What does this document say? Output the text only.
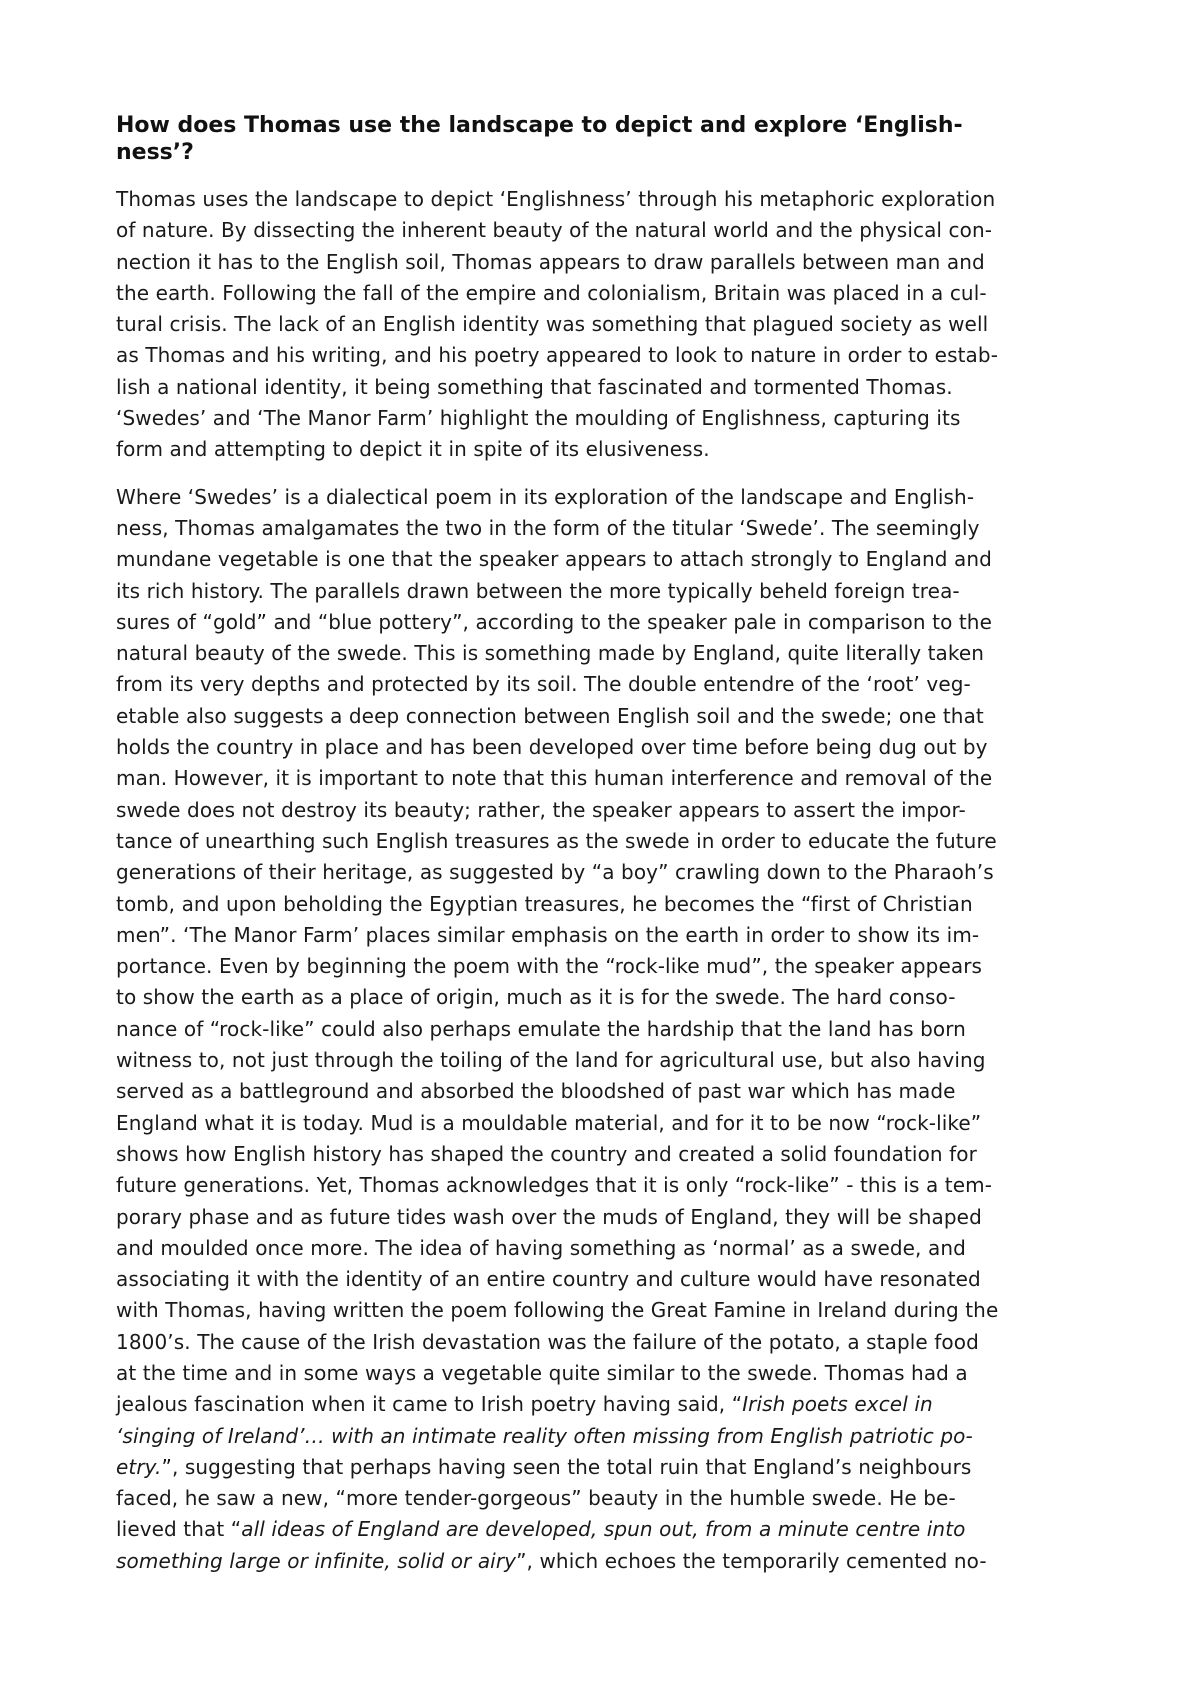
How does Thomas use the landscape to depict and explore ‘English-
ness’?

Thomas uses the landscape to depict ‘Englishness’ through his metaphoric exploration
of nature. By dissecting the inherent beauty of the natural world and the physical con-
nection it has to the English soil, Thomas appears to draw parallels between man and
the earth. Following the fall of the empire and colonialism, Britain was placed in a cul-
tural crisis. The lack of an English identity was something that plagued society as well
as Thomas and his writing, and his poetry appeared to look to nature in order to estab-
lish a national identity, it being something that fascinated and tormented Thomas.
‘Swedes’ and ‘The Manor Farm’ highlight the moulding of Englishness, capturing its
form and attempting to depict it in spite of its elusiveness.

Where ‘Swedes’ is a dialectical poem in its exploration of the landscape and English-
ness, Thomas amalgamates the two in the form of the titular ‘Swede’. The seemingly
mundane vegetable is one that the speaker appears to attach strongly to England and
its rich history. The parallels drawn between the more typically beheld foreign trea-
sures of “gold” and “blue pottery”, according to the speaker pale in comparison to the
natural beauty of the swede. This is something made by England, quite literally taken
from its very depths and protected by its soil. The double entendre of the ‘root’ veg-
etable also suggests a deep connection between English soil and the swede; one that
holds the country in place and has been developed over time before being dug out by
man. However, it is important to note that this human interference and removal of the
swede does not destroy its beauty; rather, the speaker appears to assert the impor-
tance of unearthing such English treasures as the swede in order to educate the future
generations of their heritage, as suggested by “a boy” crawling down to the Pharaoh’s
tomb, and upon beholding the Egyptian treasures, he becomes the “first of Christian
men”. ‘The Manor Farm’ places similar emphasis on the earth in order to show its im-
portance. Even by beginning the poem with the “rock-like mud”, the speaker appears
to show the earth as a place of origin, much as it is for the swede. The hard conso-
nance of “rock-like” could also perhaps emulate the hardship that the land has born
witness to, not just through the toiling of the land for agricultural use, but also having
served as a battleground and absorbed the bloodshed of past war which has made
England what it is today. Mud is a mouldable material, and for it to be now “rock-like”
shows how English history has shaped the country and created a solid foundation for
future generations. Yet, Thomas acknowledges that it is only “rock-like” - this is a tem-
porary phase and as future tides wash over the muds of England, they will be shaped
and moulded once more. The idea of having something as ‘normal’ as a swede, and
associating it with the identity of an entire country and culture would have resonated
with Thomas, having written the poem following the Great Famine in Ireland during the
1800’s. The cause of the Irish devastation was the failure of the potato, a staple food
at the time and in some ways a vegetable quite similar to the swede. Thomas had a
jealous fascination when it came to Irish poetry having said, “Irish poets excel in
‘singing of Ireland’… with an intimate reality often missing from English patriotic po-
etry.”, suggesting that perhaps having seen the total ruin that England’s neighbours
faced, he saw a new, “more tender-gorgeous” beauty in the humble swede. He be-
lieved that “all ideas of England are developed, spun out, from a minute centre into
something large or infinite, solid or airy”, which echoes the temporarily cemented no-
